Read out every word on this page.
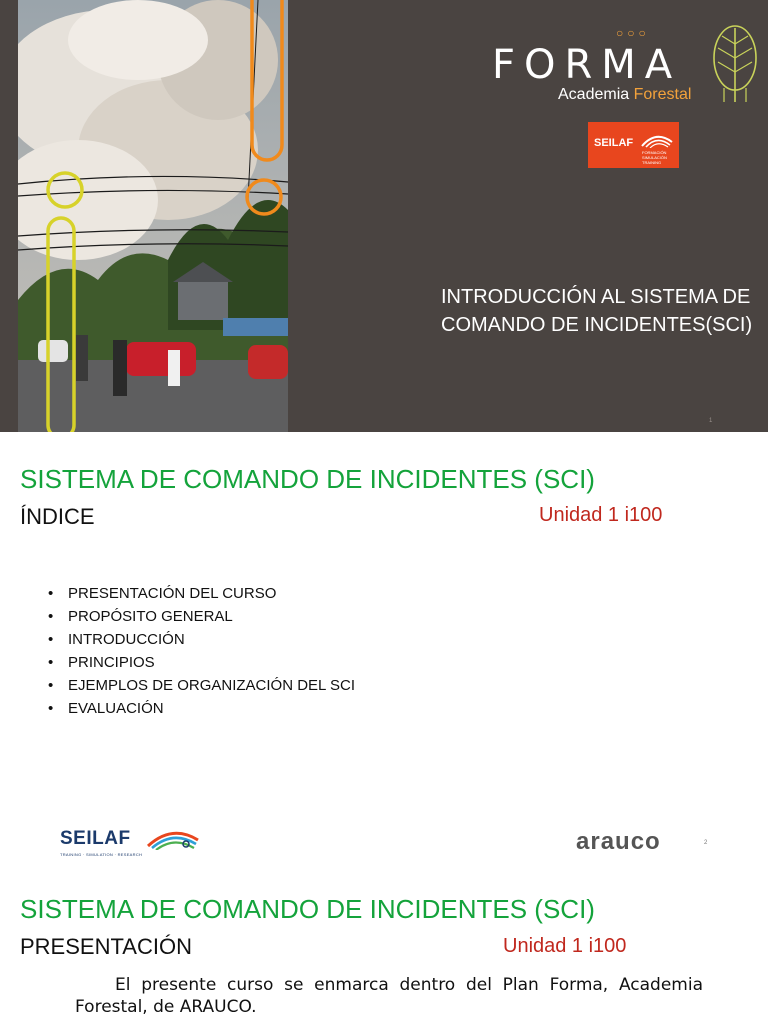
○○○
FORMA
Academia Forestal
SEILAF
FORMACIÓN SIMULACIÓN TRAINING
INTRODUCCIÓN AL SISTEMA DE
COMANDO DE INCIDENTES(SCI)
1
SISTEMA DE COMANDO DE INCIDENTES (SCI)
ÍNDICE	Unidad 1 i100
• PRESENTACIÓN DEL CURSO
• PROPÓSITO GENERAL
• INTRODUCCIÓN
• PRINCIPIOS
• EJEMPLOS DE ORGANIZACIÓN DEL SCI
• EVALUACIÓN
SEILAF
TRAINING · SIMULATION · RESEARCH	arauco	2
SISTEMA DE COMANDO DE INCIDENTES (SCI)
PRESENTACIÓN	Unidad 1 i100
El presente curso se enmarca dentro del Plan Forma, Academia Forestal, de ARAUCO.
